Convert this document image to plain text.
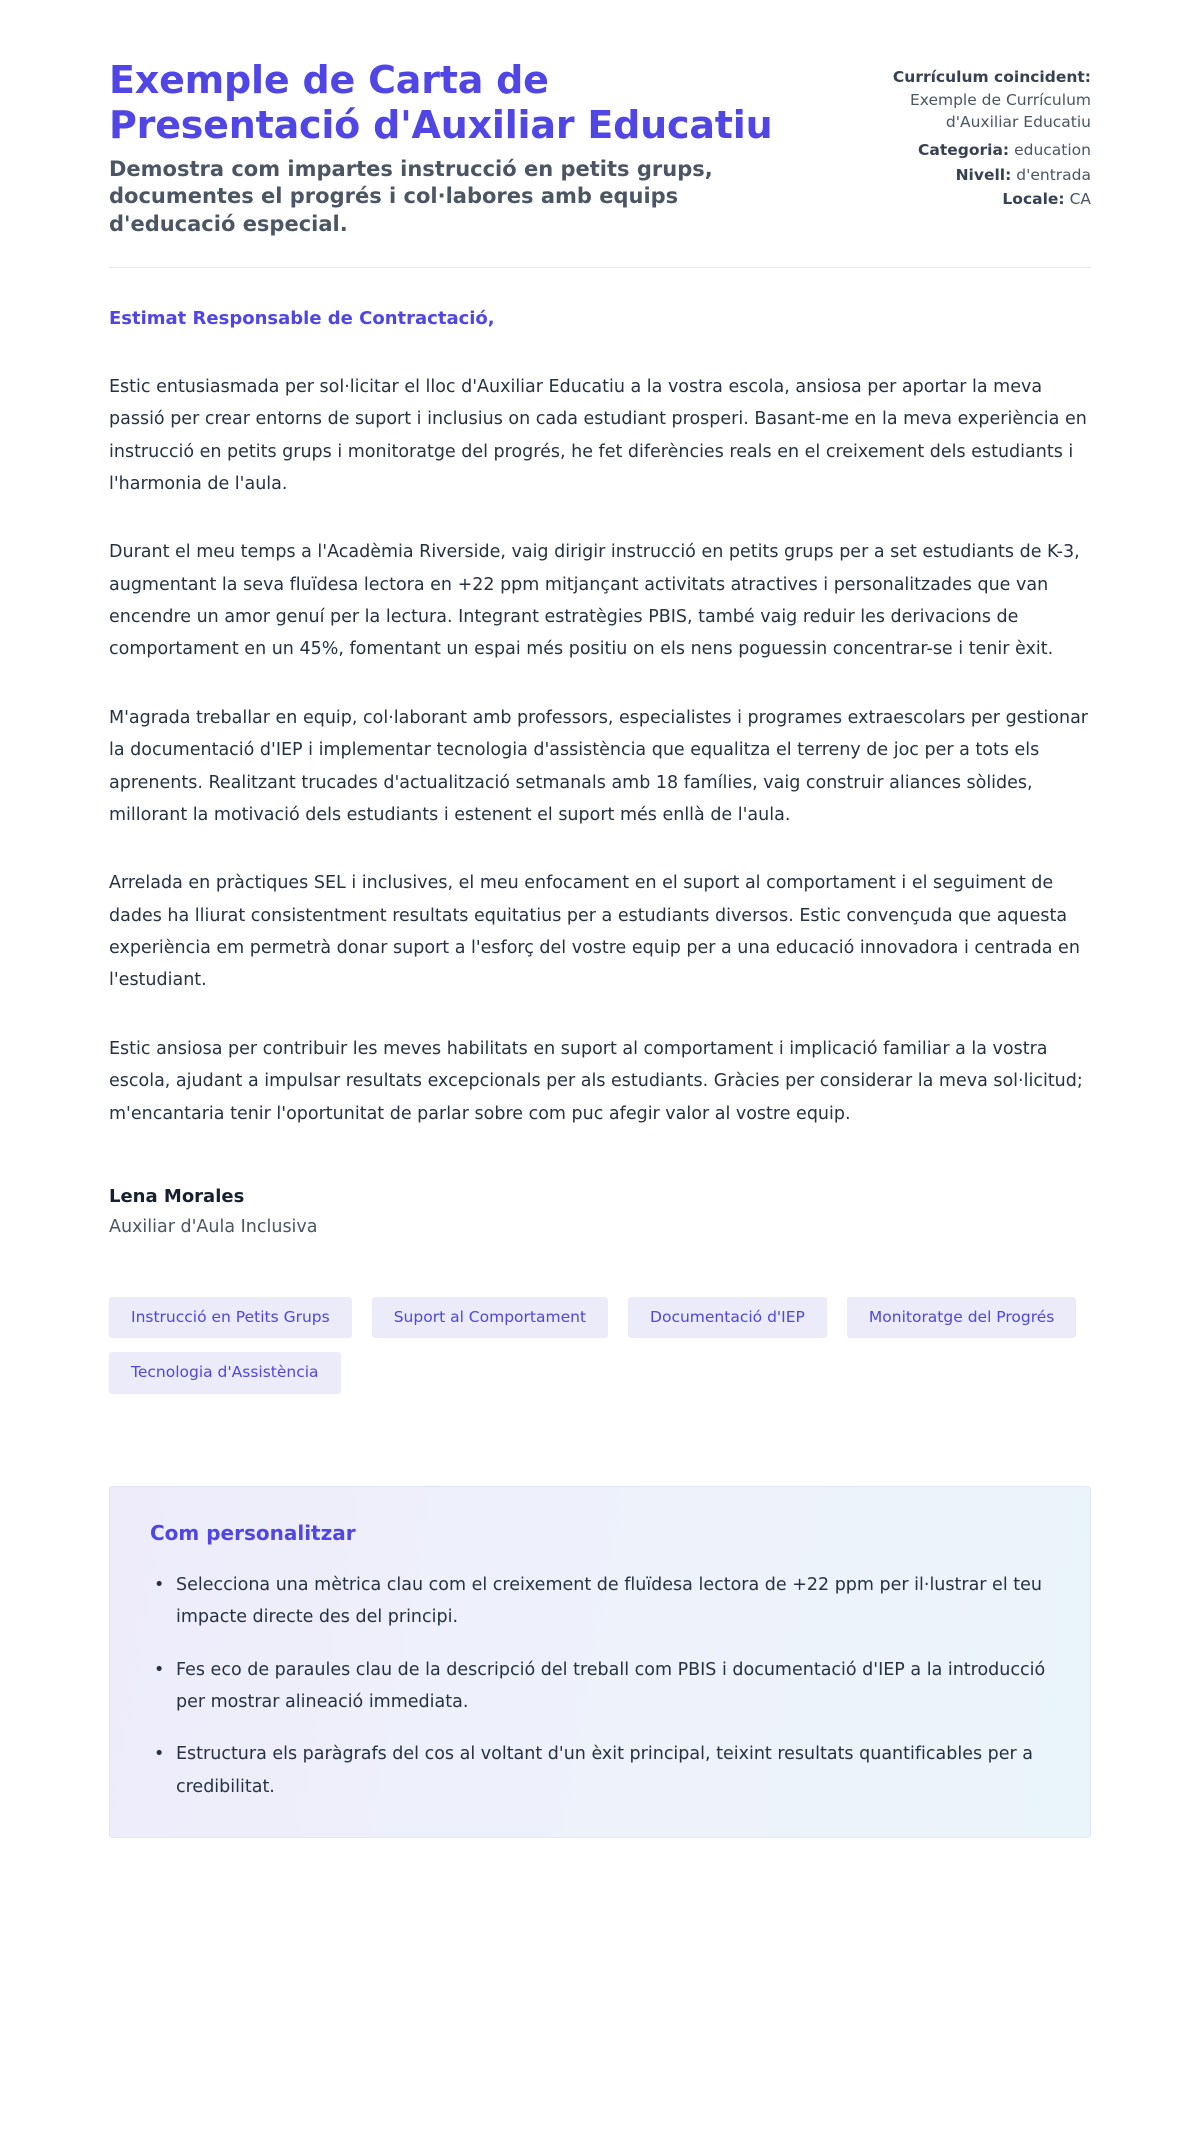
Exemple de Carta de Presentació d'Auxiliar Educatiu

Demostra com impartes instrucció en petits grups, documentes el progrés i col·labores amb equips d'educació especial.

Currículum coincident:
Exemple de Currículum d'Auxiliar Educatiu
Categoria: education
Nivell: d'entrada
Locale: CA

Estimat Responsable de Contractació,

Estic entusiasmada per sol·licitar el lloc d'Auxiliar Educatiu a la vostra escola, ansiosa per aportar la meva passió per crear entorns de suport i inclusius on cada estudiant prosperi. Basant-me en la meva experiència en instrucció en petits grups i monitoratge del progrés, he fet diferències reals en el creixement dels estudiants i l'harmonia de l'aula.

Durant el meu temps a l'Acadèmia Riverside, vaig dirigir instrucció en petits grups per a set estudiants de K-3, augmentant la seva fluïdesa lectora en +22 ppm mitjançant activitats atractives i personalitzades que van encendre un amor genuí per la lectura. Integrant estratègies PBIS, també vaig reduir les derivacions de comportament en un 45%, fomentant un espai més positiu on els nens poguessin concentrar-se i tenir èxit.

M'agrada treballar en equip, col·laborant amb professors, especialistes i programes extraescolars per gestionar la documentació d'IEP i implementar tecnologia d'assistència que equalitza el terreny de joc per a tots els aprenents. Realitzant trucades d'actualització setmanals amb 18 famílies, vaig construir aliances sòlides, millorant la motivació dels estudiants i estenent el suport més enllà de l'aula.

Arrelada en pràctiques SEL i inclusives, el meu enfocament en el suport al comportament i el seguiment de dades ha lliurat consistentment resultats equitatius per a estudiants diversos. Estic convençuda que aquesta experiència em permetrà donar suport a l'esforç del vostre equip per a una educació innovadora i centrada en l'estudiant.

Estic ansiosa per contribuir les meves habilitats en suport al comportament i implicació familiar a la vostra escola, ajudant a impulsar resultats excepcionals per als estudiants. Gràcies per considerar la meva sol·licitud; m'encantaria tenir l'oportunitat de parlar sobre com puc afegir valor al vostre equip.

Lena Morales

Auxiliar d'Aula Inclusiva

Instrucció en Petits Grups	Suport al Comportament	Documentació d'IEP	Monitoratge del Progrés
Tecnologia d'Assistència
Com personalitzar
• Selecciona una mètrica clau com el creixement de fluïdesa lectora de +22 ppm per il·lustrar el teu impacte directe des del principi.
• Fes eco de paraules clau de la descripció del treball com PBIS i documentació d'IEP a la introducció per mostrar alineació immediata.
• Estructura els paràgrafs del cos al voltant d'un èxit principal, teixint resultats quantificables per a credibilitat.
